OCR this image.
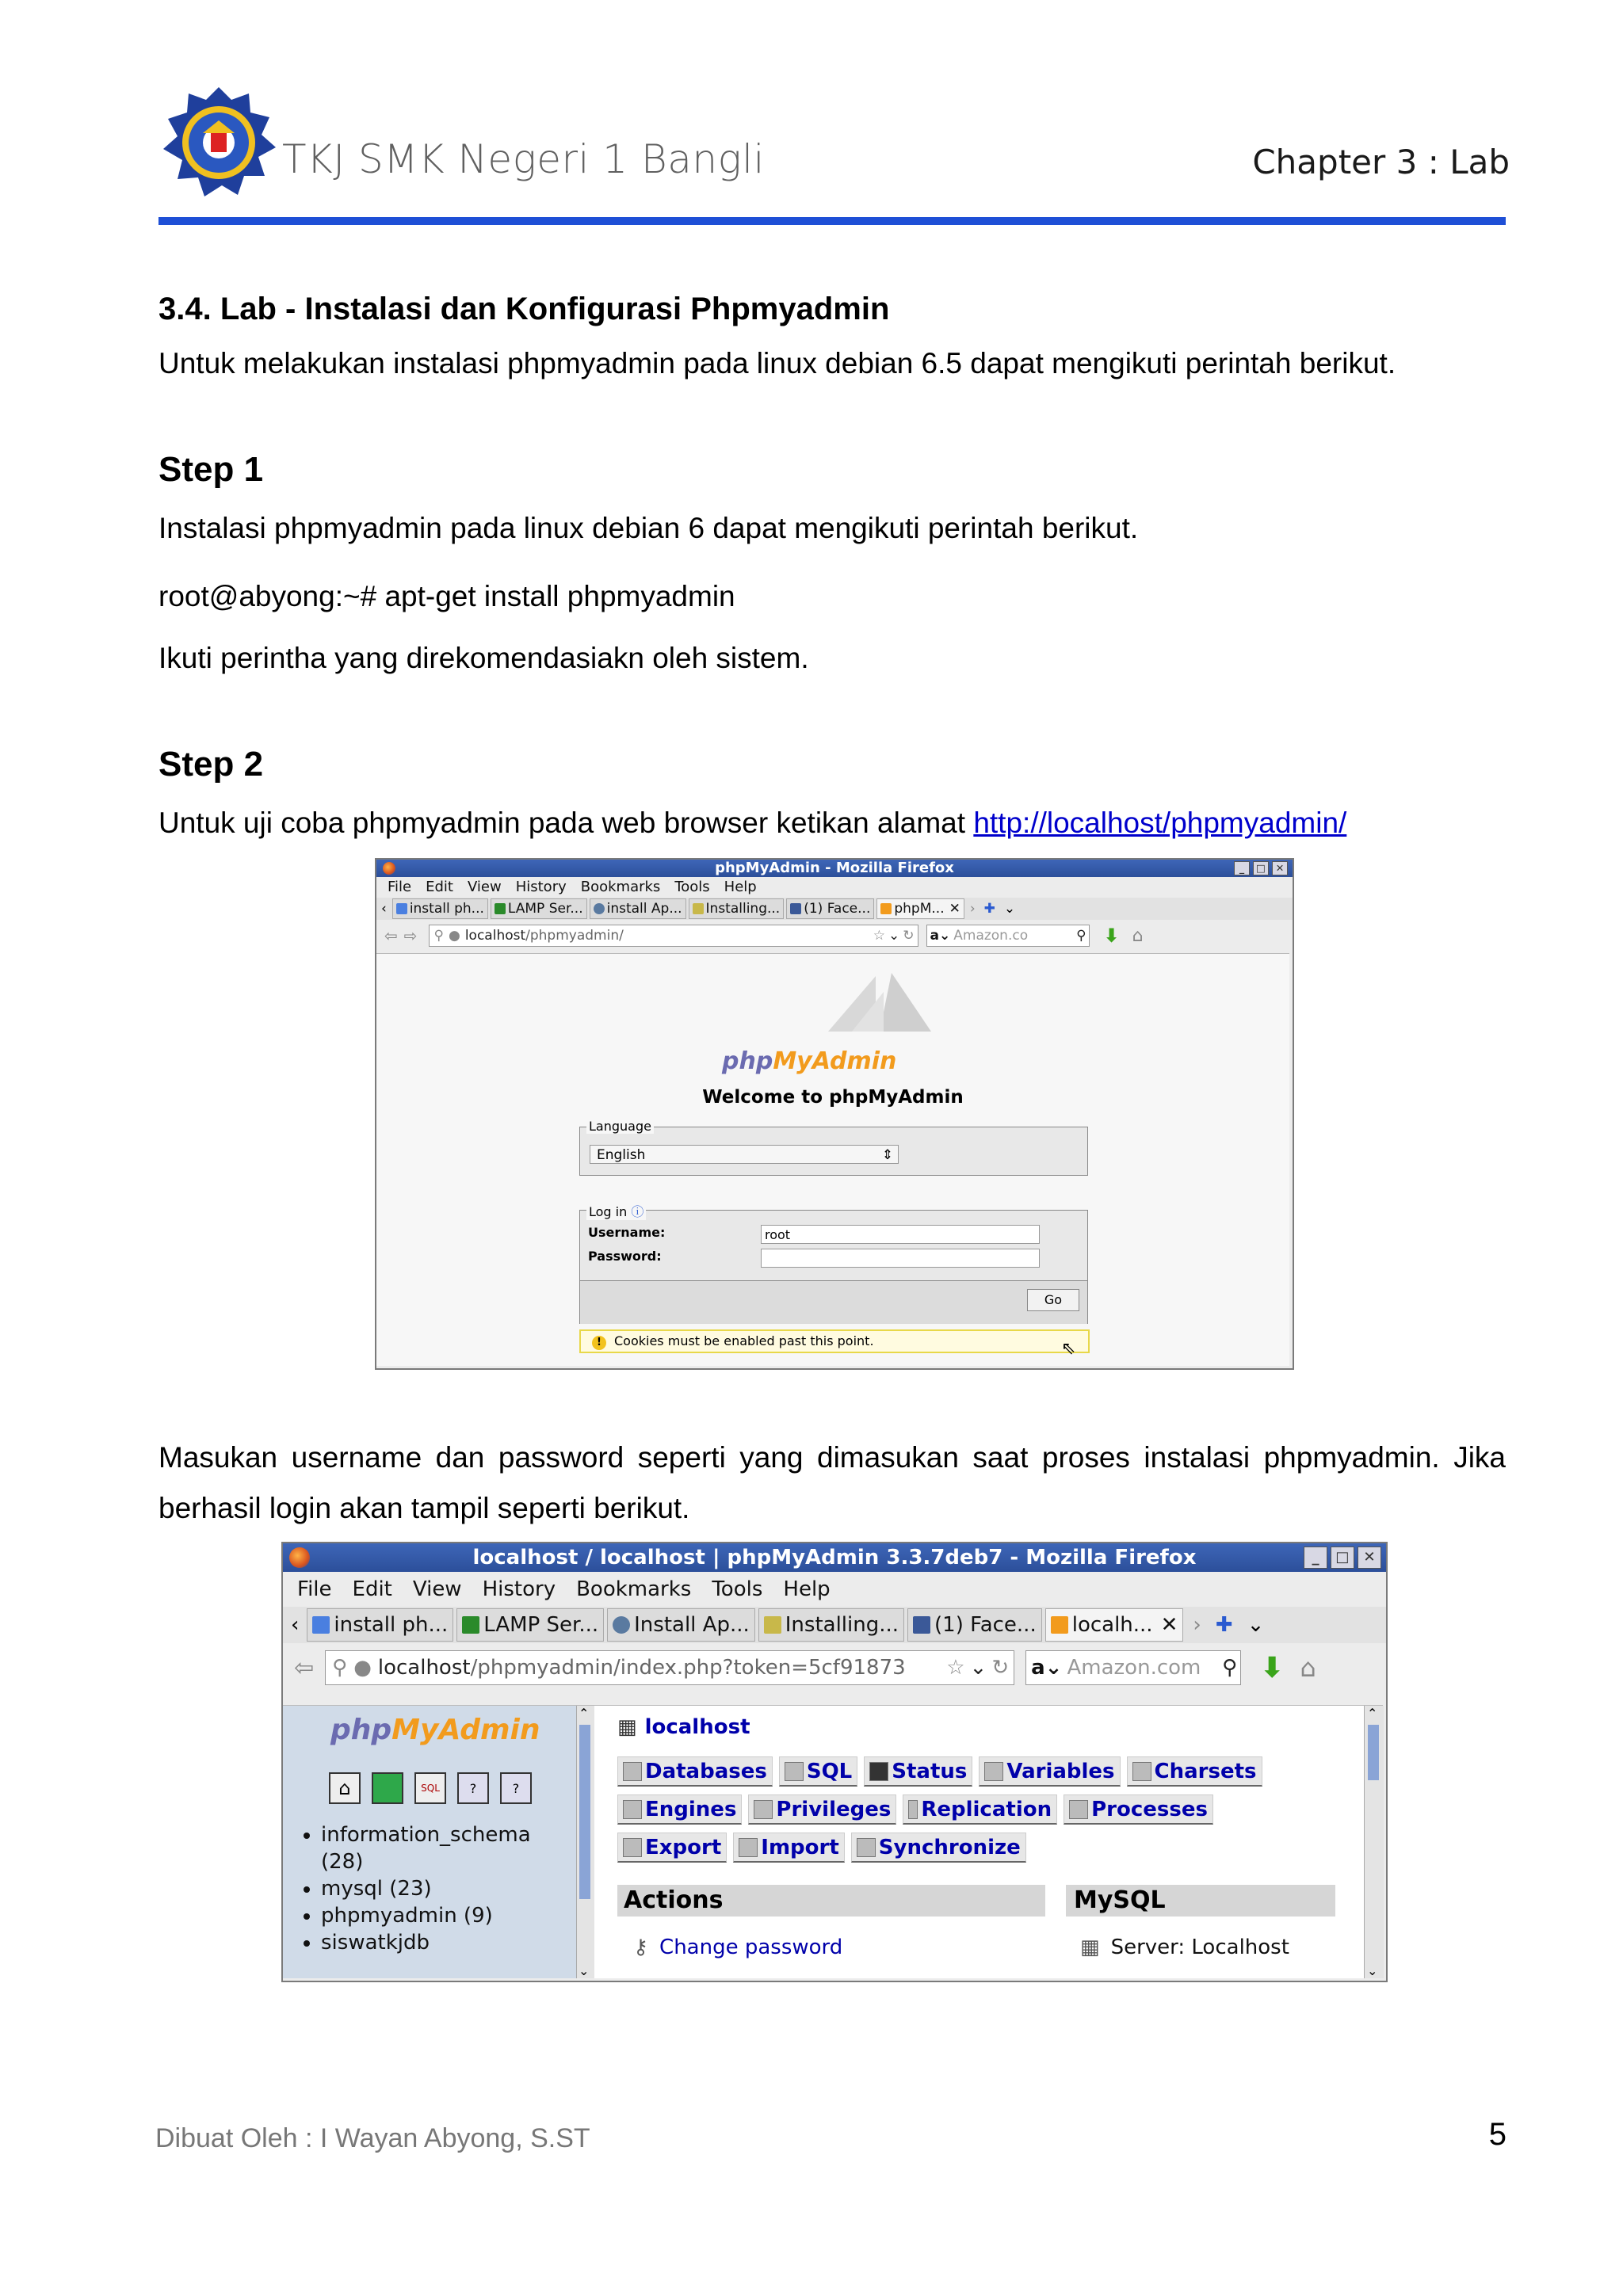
TKJ SMK Negeri 1 Bangli	Chapter 3 : Lab
3.4. Lab - Instalasi dan Konfigurasi Phpmyadmin
Untuk melakukan instalasi phpmyadmin pada linux debian 6.5 dapat mengikuti perintah berikut.
Step 1
Instalasi phpmyadmin pada linux debian 6 dapat mengikuti perintah berikut.
root@abyong:~# apt-get install phpmyadmin
Ikuti perintha yang direkomendasiakn oleh sistem.
Step 2
Untuk uji coba phpmyadmin pada web browser ketikan alamat http://localhost/phpmyadmin/
phpMyAdmin - Mozilla Firefox	_	□	✕
File Edit View History Bookmarks Tools Help
‹ install ph... LAMP Ser... install Ap... Installing... (1) Face... phpM... ✕ › ✚ ⌄
⇦ ⇨ ⚲ ● localhost /phpmyadmin/	☆ ⌄ ↻ a⌄ Amazon.co	⚲ ⬇ ⌂
phpMyAdmin
Welcome to phpMyAdmin
Language
English	⇕
Log in ⓘ
Username:	root
Password:
Go
! Cookies must be enabled past this point.	⇖
Masukan username dan password seperti yang dimasukan saat proses instalasi phpmyadmin. Jika berhasil login akan tampil seperti berikut.
localhost / localhost | phpMyAdmin 3.3.7deb7 - Mozilla Firefox	_	□ ✕
File Edit View History Bookmarks Tools Help
‹ install ph... LAMP Ser... Install Ap... Installing... (1) Face... localh... ✕ › ✚ ⌄
⇦ ⚲ ● localhost /phpmyadmin/index.php?token=5cf91873 ☆ ⌄ ↻ a⌄ Amazon.com ⚲ ⬇ ⌂
phpMyAdmin
⌂	SQL	?	?
• information_schema
(28)
• mysql (23)
• phpmyadmin (9)
• siswatkjdb
⌃
⌄
▦ localhost
Databases SQL Status Variables Charsets
Engines Privileges Replication Processes
Export Import Synchronize
Actions
⚷ Change password
MySQL
▦ Server: Localhost
⌃
⌄
Dibuat Oleh : I Wayan Abyong, S.ST	5
